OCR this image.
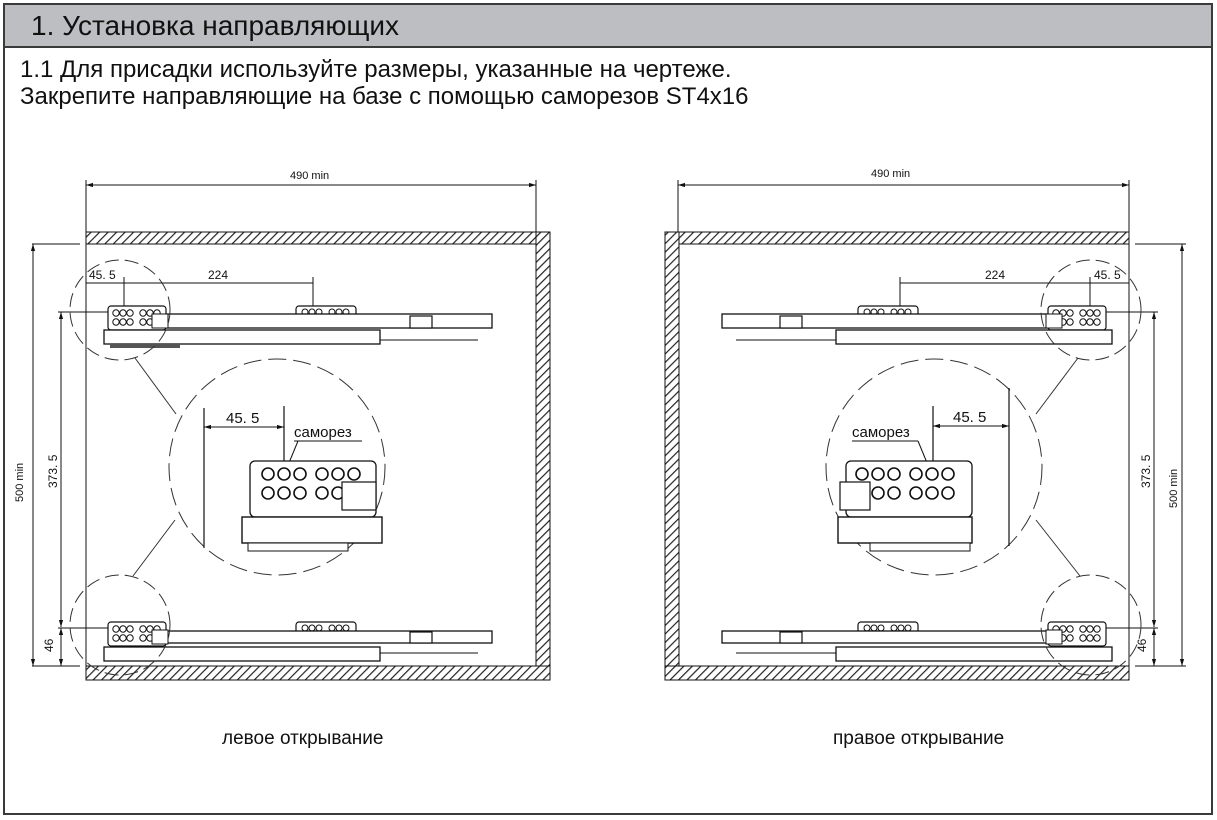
1. Установка направляющих
1.1 Для присадки используйте размеры, указанные на чертеже.
Закрепите направляющие на базе с помощью саморезов ST4x16
490 min
500 min 373. 5
46
45. 5	224
45. 5
саморез
490 min
500 min
373. 5
46
224	45. 5
45. 5
саморез
левое открывание	правое открывание
